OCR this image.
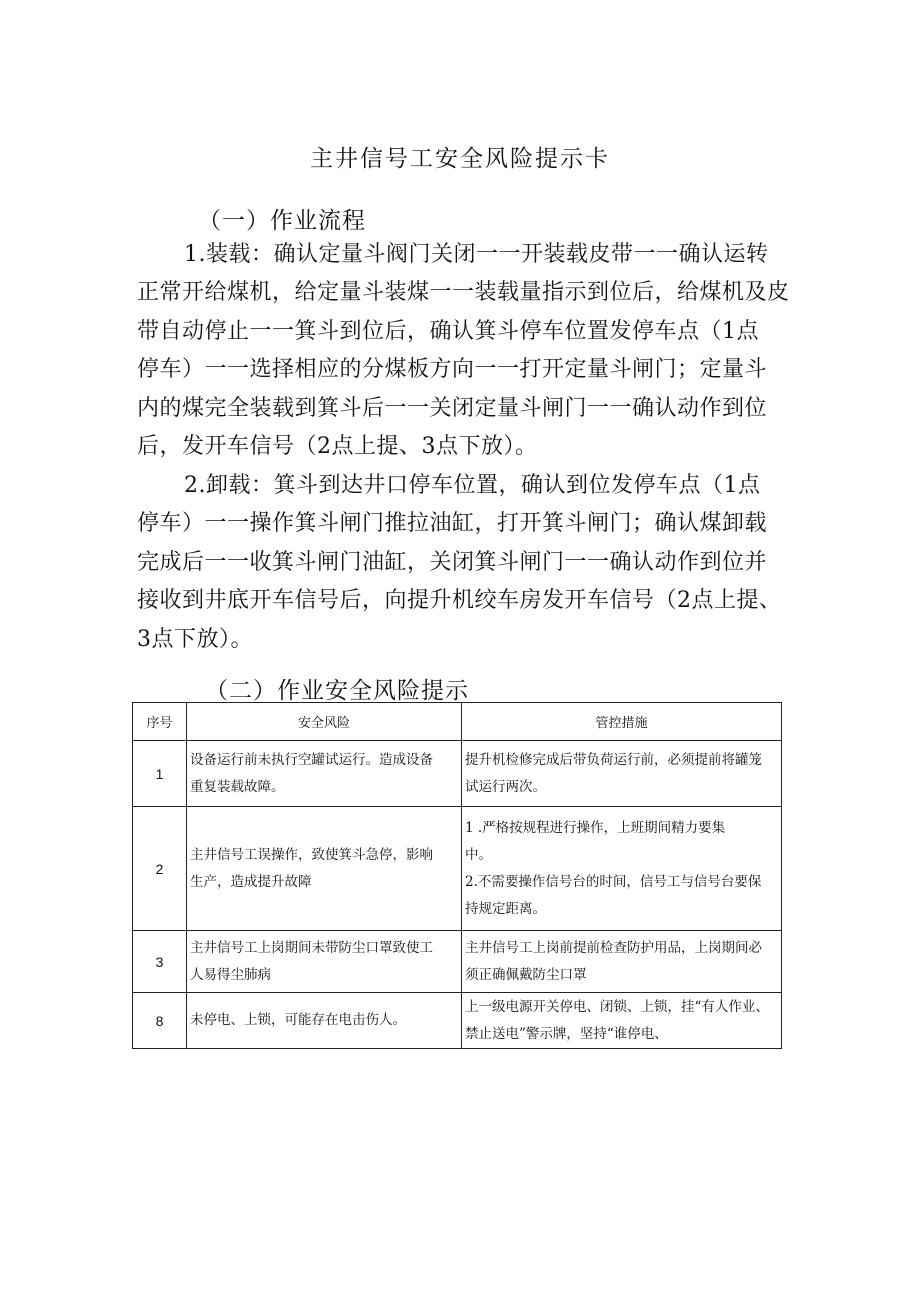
主井信号工安全风险提示卡
（一）作业流程
1.装载：确认定量斗阀门关闭一一开装载皮带一一确认运转
正常开给煤机，给定量斗装煤一一装载量指示到位后，给煤机及皮
带自动停止一一箕斗到位后，确认箕斗停车位置发停车点（1点
停车）一一选择相应的分煤板方向一一打开定量斗闸门；定量斗
内的煤完全装载到箕斗后一一关闭定量斗闸门一一确认动作到位
后，发开车信号（2点上提、3点下放）。
2.卸载：箕斗到达井口停车位置，确认到位发停车点（1点
停车）一一操作箕斗闸门推拉油缸，打开箕斗闸门；确认煤卸载
完成后一一收箕斗闸门油缸，关闭箕斗闸门一一确认动作到位并
接收到井底开车信号后，向提升机绞车房发开车信号（2点上提、
3点下放）。
（二）作业安全风险提示
序号	安全风险	管控措施
1	设备运行前未执行空罐试运行。造成设备
重复装载故障。	提升机检修完成后带负荷运行前，必须提前将罐笼
试运行两次。

2	主井信号工误操作，致使箕斗急停，影响
生产，造成提升故障	1 .严格按规程进行操作，上班期间精力要集
中。
2.不需要操作信号台的时间，信号工与信号台要保
持规定距离。

3	主井信号工上岗期间未带防尘口罩致使工
人易得尘肺病	主井信号工上岗前提前检查防护用品，上岗期间必
须正确佩戴防尘口罩

8	未停电、上锁，可能存在电击伤人。	上一级电源开关停电、闭锁、上锁，挂“有人作业、
禁止送电”警示牌，坚持“谁停电、
